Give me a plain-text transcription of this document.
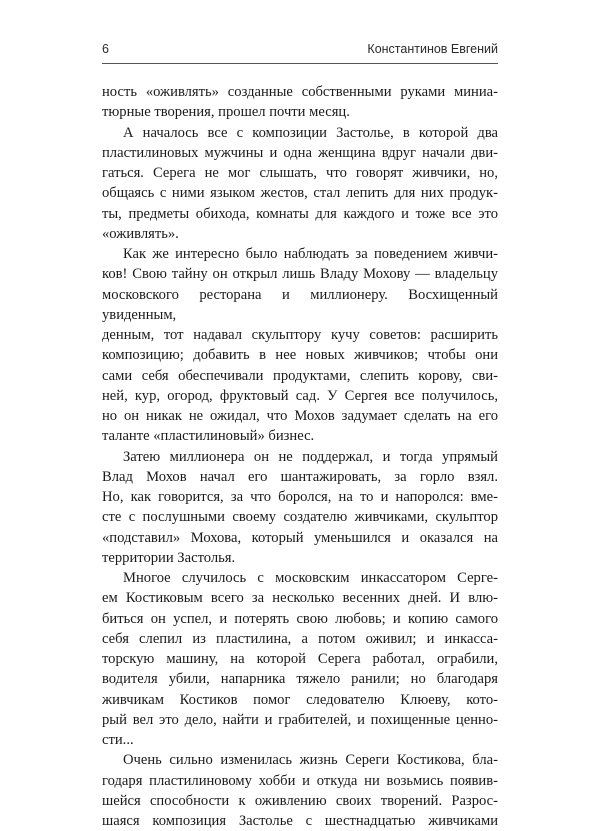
6	Константинов Евгений

ность «оживлять» созданные собственными руками миниа-

тюрные творения, прошел почти месяц.

А началось все с композиции Застолье, в которой два

пластилиновых мужчины и одна женщина вдруг начали дви-

гаться. Серега не мог слышать, что говорят живчики, но,

общаясь с ними языком жестов, стал лепить для них продук-

ты, предметы обихода, комнаты для каждого и тоже все это

«оживлять».

Как же интересно было наблюдать за поведением живчи-

ков! Свою тайну он открыл лишь Владу Мохову — владельцу

московского ресторана и миллионеру. Восхищенный увиденным,

денным, тот надавал скульптору кучу советов: расширить

композицию; добавить в нее новых живчиков; чтобы они

сами себя обеспечивали продуктами, слепить корову, сви-

ней, кур, огород, фруктовый сад. У Сергея все получилось,

но он никак не ожидал, что Мохов задумает сделать на его

таланте «пластилиновый» бизнес.

Затею миллионера он не поддержал, и тогда упрямый

Влад Мохов начал его шантажировать, за горло взял.

Но, как говорится, за что боролся, на то и напоролся: вме-

сте с послушными своему создателю живчиками, скульптор

«подставил» Мохова, который уменьшился и оказался на

территории Застолья.

Многое случилось с московским инкассатором Серге-

ем Костиковым всего за несколько весенних дней. И влю-

биться он успел, и потерять свою любовь; и копию самого

себя слепил из пластилина, а потом оживил; и инкасса-

торскую машину, на которой Серега работал, ограбили,

водителя убили, напарника тяжело ранили; но благодаря

живчикам Костиков помог следователю Клюеву, кото-

рый вел это дело, найти и грабителей, и похищенные ценно-

сти...

Очень сильно изменилась жизнь Сереги Костикова, бла-

годаря пластилиновому хобби и откуда ни возьмись появив-

шейся способности к оживлению своих творений. Разрос-

шаяся композиция Застолье с шестнадцатью живчиками
